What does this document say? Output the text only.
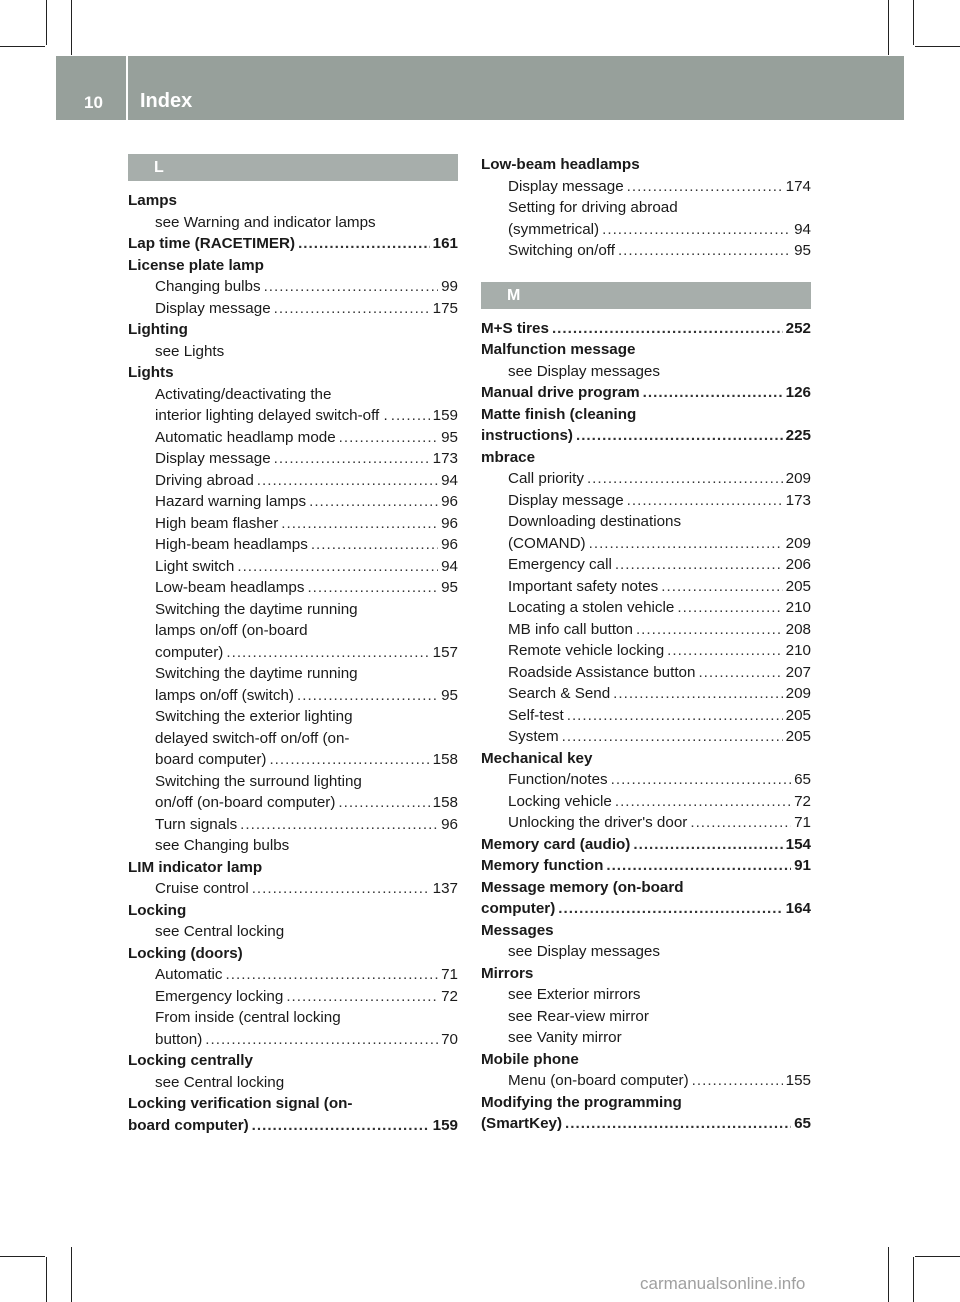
10 Index
L
Lamps
see Warning and indicator lamps
Lap time (RACETIMER) .....	161
License plate lamp
Changing bulbs .....	99
Display message .....	175
Lighting
see Lights
Lights
Activating/deactivating the
interior lighting delayed switch-off . .....	159
Automatic headlamp mode .....	95
Display message .....	173
Driving abroad .....	94
Hazard warning lamps .....	96
High beam flasher .....	96
High-beam headlamps .....	96
Light switch .....	94
Low-beam headlamps .....	95
Switching the daytime running
lamps on/off (on-board
computer) .....	157
Switching the daytime running
lamps on/off (switch) .....	95
Switching the exterior lighting
delayed switch-off on/off (on-
board computer) .....	158
Switching the surround lighting
on/off (on-board computer) .....	158
Turn signals .....	96
see Changing bulbs
LIM indicator lamp
Cruise control .....	137
Locking
see Central locking
Locking (doors)
Automatic .....	71
Emergency locking .....	72
From inside (central locking
button) .....	70
Locking centrally
see Central locking
Locking verification signal (on-
board computer) .....	159
Low-beam headlamps
Display message .....	174
Setting for driving abroad
(symmetrical) .....	94
Switching on/off .....	95
M
M+S tires .....	252
Malfunction message
see Display messages
Manual drive program .....	126
Matte finish (cleaning
instructions) .....	225
mbrace
Call priority .....	209
Display message .....	173
Downloading destinations
(COMAND) .....	209
Emergency call .....	206
Important safety notes .....	205
Locating a stolen vehicle .....	210
MB info call button .....	208
Remote vehicle locking .....	210
Roadside Assistance button .....	207
Search & Send .....	209
Self-test .....	205
System .....	205
Mechanical key
Function/notes .....	65
Locking vehicle .....	72
Unlocking the driver's door .....	71
Memory card (audio) .....	154
Memory function .....	91
Message memory (on-board
computer) .....	164
Messages
see Display messages
Mirrors
see Exterior mirrors
see Rear-view mirror
see Vanity mirror
Mobile phone
Menu (on-board computer) .....	155
Modifying the programming
(SmartKey) .....	65
carmanualsonline.info
